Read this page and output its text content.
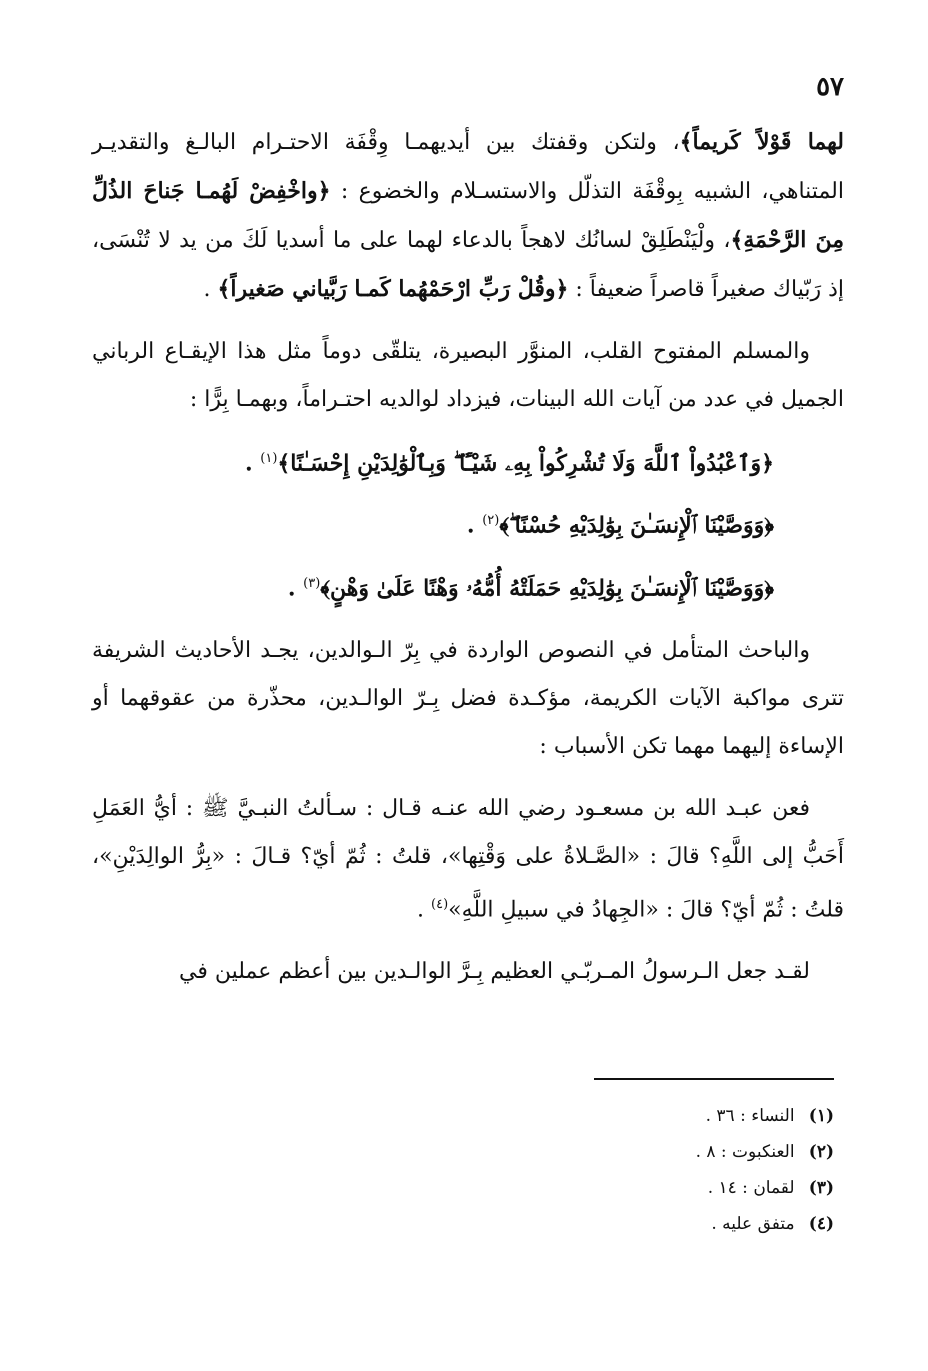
٥٧

لهما قَوْلاً كَريماً﴾، ولتكن وقفتك بين أيديهمـا وِقْفَة الاحتـرام البالـغ والتقديـر المتناهي، الشبيه بِوقْفَة التذلّل والاستسـلام والخضوع : ﴿واخْفِضْ لَهُمـا جَناحَ الذُلِّ مِنَ الرَّحْمَةِ﴾، ولْيَنْطَلِقْ لسانُك لاهجاً بالدعاء لهما على ما أسديا لَكَ من يد لا تُنْسَى، إذ رَبّياك صغيراً قاصراً ضعيفاً : ﴿وقُلْ رَبِّ ارْحَمْهُما كَمـا رَبَّياني صَغيراً﴾ .

والمسلم المفتوح القلب، المنوَّر البصيرة، يتلقّى دوماً مثل هذا الإيقـاع الرباني الجميل في عدد من آيات الله البينات، فيزداد لوالديه احتـراماً، وبهمـا بِرًّا :

﴿وَٱعْبُدُواْ ٱللَّهَ وَلَا تُشْرِكُواْ بِهِۦ شَيْـًٔا ۖ وَبِٱلْوَٰلِدَيْنِ إِحْسَـٰنًا﴾$^{(١)}$ .
﴿وَوَصَّيْنَا ٱلْإِنسَـٰنَ بِوَٰلِدَيْهِ حُسْنًا ۖ﴾$^{(٢)}$ .
﴿وَوَصَّيْنَا ٱلْإِنسَـٰنَ بِوَٰلِدَيْهِ حَمَلَتْهُ أُمُّهُۥ وَهْنًا عَلَىٰ وَهْنٍ﴾$^{(٣)}$ .

والباحث المتأمل في النصوص الواردة في بِرّ الـوالدين، يجـد الأحاديث الشريفة تترى مواكبة الآيات الكريمة، مؤكـدة فضل بِـرّ الوالـدين، محذّرة من عقوقهما أو الإساءة إليهما مهما تكن الأسباب :

فعن عبـد الله بن مسعـود رضي الله عنـه قـال : سـألتُ النبـيَّ ﷺ : أيُّ العَمَلِ أَحَبُّ إلى اللَّهِ؟ قالَ : «الصَّـلاةُ على وَقْتِها»، قلتُ : ثُمّ أيّ؟ قـالَ : «بِرُّ الوالِدَيْنِ»، قلتُ : ثُمّ أيّ؟ قالَ : «الجِهادُ في سبيلِ اللَّهِ»$^{(٤)}$ .

لقـد جعل الـرسولُ المـربّـي العظيم بِـرَّ الوالـدين بين أعظم عملين في

(١) النساء : ٣٦ .
(٢) العنكبوت : ٨ .
(٣) لقمان : ١٤ .
(٤) متفق عليه .
